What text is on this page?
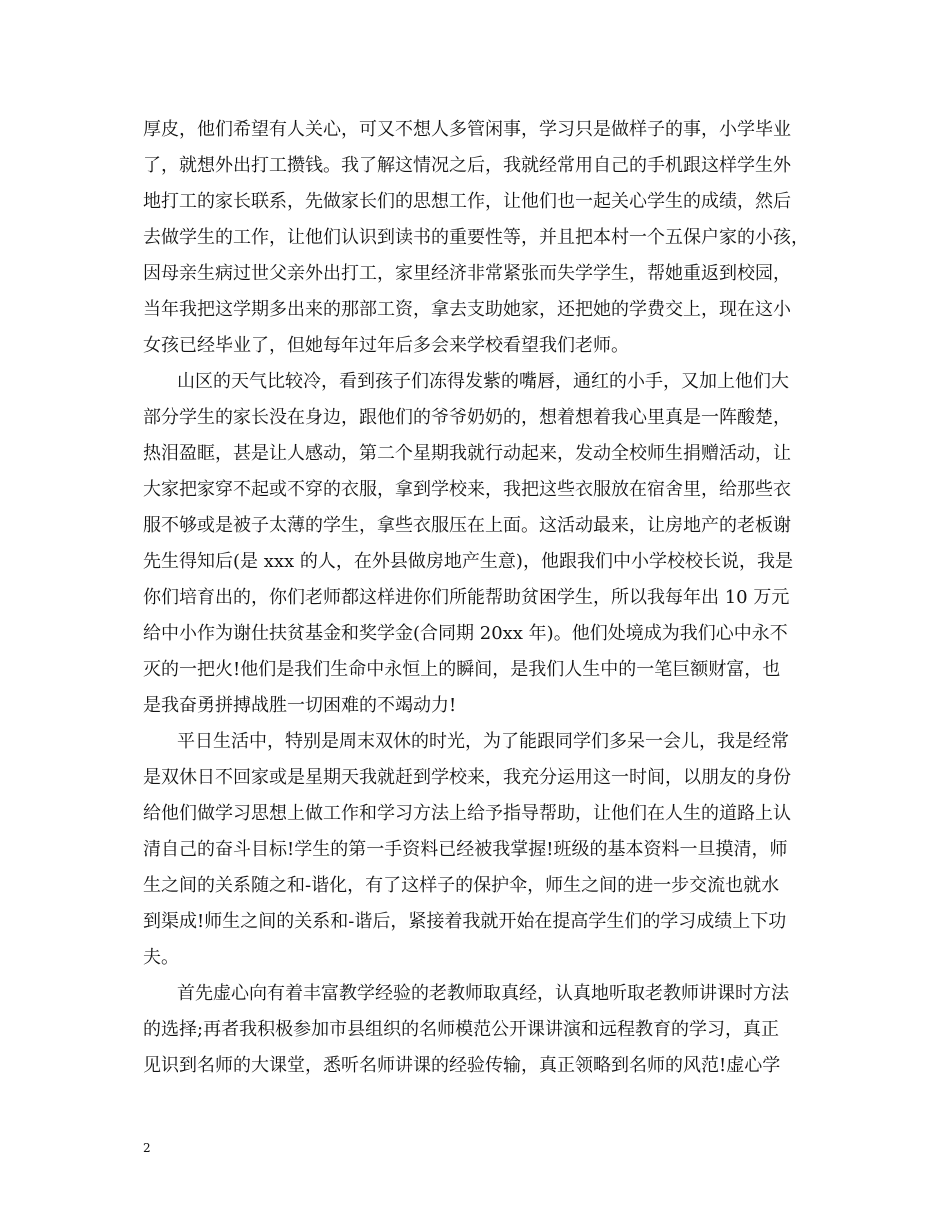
厚皮，他们希望有人关心，可又不想人多管闲事，学习只是做样子的事，小学毕业
了，就想外出打工攒钱。我了解这情况之后，我就经常用自己的手机跟这样学生外
地打工的家长联系，先做家长们的思想工作，让他们也一起关心学生的成绩，然后
去做学生的工作，让他们认识到读书的重要性等，并且把本村一个五保户家的小孩，
因母亲生病过世父亲外出打工，家里经济非常紧张而失学学生，帮她重返到校园，
当年我把这学期多出来的那部工资，拿去支助她家，还把她的学费交上，现在这小
女孩已经毕业了，但她每年过年后多会来学校看望我们老师。
山区的天气比较冷，看到孩子们冻得发紫的嘴唇，通红的小手，又加上他们大
部分学生的家长没在身边，跟他们的爷爷奶奶的，想着想着我心里真是一阵酸楚，
热泪盈眶，甚是让人感动，第二个星期我就行动起来，发动全校师生捐赠活动，让
大家把家穿不起或不穿的衣服，拿到学校来，我把这些衣服放在宿舍里，给那些衣
服不够或是被子太薄的学生，拿些衣服压在上面。这活动最来，让房地产的老板谢
先生得知后(是 xxx 的人，在外县做房地产生意)，他跟我们中小学校校长说，我是
你们培育出的，你们老师都这样进你们所能帮助贫困学生，所以我每年出 10 万元
给中小作为谢仕扶贫基金和奖学金(合同期 20xx 年)。他们处境成为我们心中永不
灭的一把火!他们是我们生命中永恒上的瞬间，是我们人生中的一笔巨额财富，也
是我奋勇拼搏战胜一切困难的不竭动力!
平日生活中，特别是周末双休的时光，为了能跟同学们多呆一会儿，我是经常
是双休日不回家或是星期天我就赶到学校来，我充分运用这一时间，以朋友的身份
给他们做学习思想上做工作和学习方法上给予指导帮助，让他们在人生的道路上认
清自己的奋斗目标!学生的第一手资料已经被我掌握!班级的基本资料一旦摸清，师
生之间的关系随之和-谐化，有了这样子的保护伞，师生之间的进一步交流也就水
到渠成!师生之间的关系和-谐后，紧接着我就开始在提高学生们的学习成绩上下功
夫。
首先虚心向有着丰富教学经验的老教师取真经，认真地听取老教师讲课时方法
的选择;再者我积极参加市县组织的名师模范公开课讲演和远程教育的学习，真正
见识到名师的大课堂，悉听名师讲课的经验传输，真正领略到名师的风范!虚心学
2
